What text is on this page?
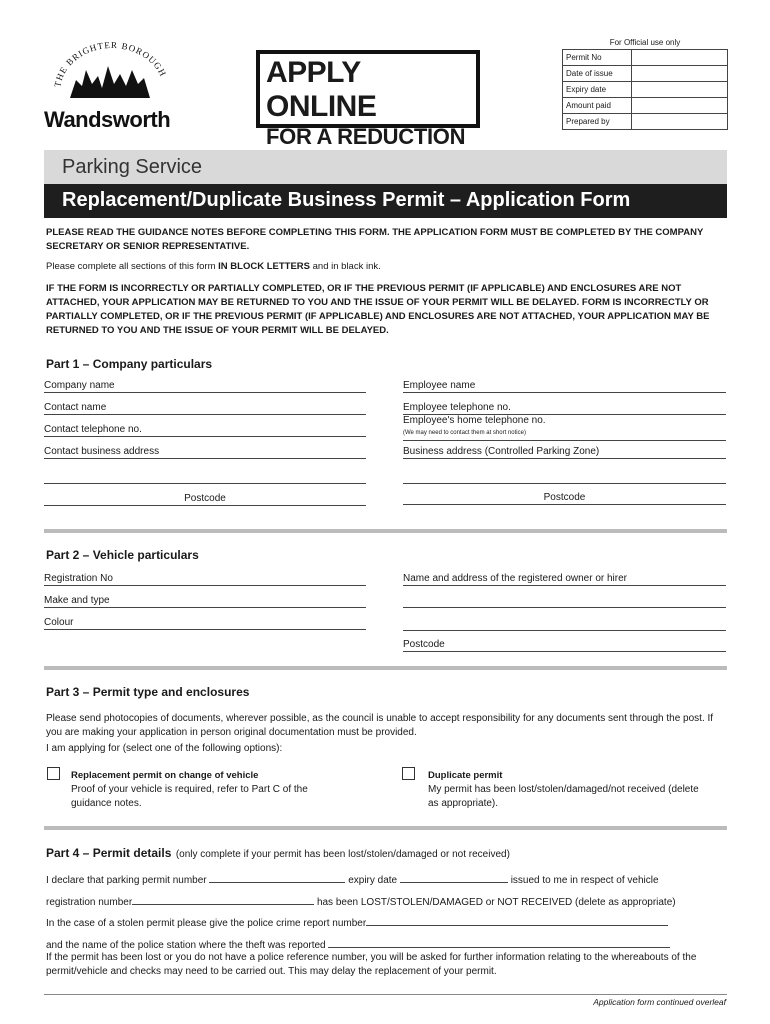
THE BRIGHTER BOROUGH
Wandsworth
APPLY ONLINE
FOR A REDUCTION
For Official use only
Permit No	
Date of issue	
Expiry date	
Amount paid	
Prepared by	
Parking Service
Replacement/Duplicate Business Permit – Application Form
PLEASE READ THE GUIDANCE NOTES BEFORE COMPLETING THIS FORM. THE APPLICATION FORM MUST BE COMPLETED BY THE COMPANY SECRETARY OR SENIOR REPRESENTATIVE.
Please complete all sections of this form IN BLOCK LETTERS and in black ink.
IF THE FORM IS INCORRECTLY OR PARTIALLY COMPLETED, OR IF THE PREVIOUS PERMIT (IF APPLICABLE) AND ENCLOSURES ARE NOT ATTACHED, YOUR APPLICATION MAY BE RETURNED TO YOU AND THE ISSUE OF YOUR PERMIT WILL BE DELAYED. FORM IS INCORRECTLY OR PARTIALLY COMPLETED, OR IF THE PREVIOUS PERMIT (IF APPLICABLE) AND ENCLOSURES ARE NOT ATTACHED, YOUR APPLICATION MAY BE RETURNED TO YOU AND THE ISSUE OF YOUR PERMIT WILL BE DELAYED.
Part 1 – Company particulars
Company name
Contact name
Contact telephone no.
Contact business address
Postcode
Employee name
Employee telephone no.
Employee's home telephone no.
(We may need to contact them at short notice)
Business address (Controlled Parking Zone)
Postcode
Part 2 – Vehicle particulars
Registration No
Make and type
Colour
Name and address of the registered owner or hirer
Postcode
Part 3 – Permit type and enclosures
Please send photocopies of documents, wherever possible, as the council is unable to accept responsibility for any documents sent through the post. If you are making your application in person original documentation must be provided.
I am applying for (select one of the following options):
Replacement permit on change of vehicle
Proof of your vehicle is required, refer to Part C of the guidance notes.
Duplicate permit
My permit has been lost/stolen/damaged/not received (delete as appropriate).
Part 4 – Permit details (only complete if your permit has been lost/stolen/damaged or not received)
I declare that parking permit number	expiry date	issued to me in respect of vehicle
registration number	has been LOST/STOLEN/DAMAGED or NOT RECEIVED (delete as appropriate)
In the case of a stolen permit please give the police crime report number
and the name of the police station where the theft was reported
If the permit has been lost or you do not have a police reference number, you will be asked for further information relating to the whereabouts of the permit/vehicle and checks may need to be carried out. This may delay the replacement of your permit.
Application form continued overleaf
